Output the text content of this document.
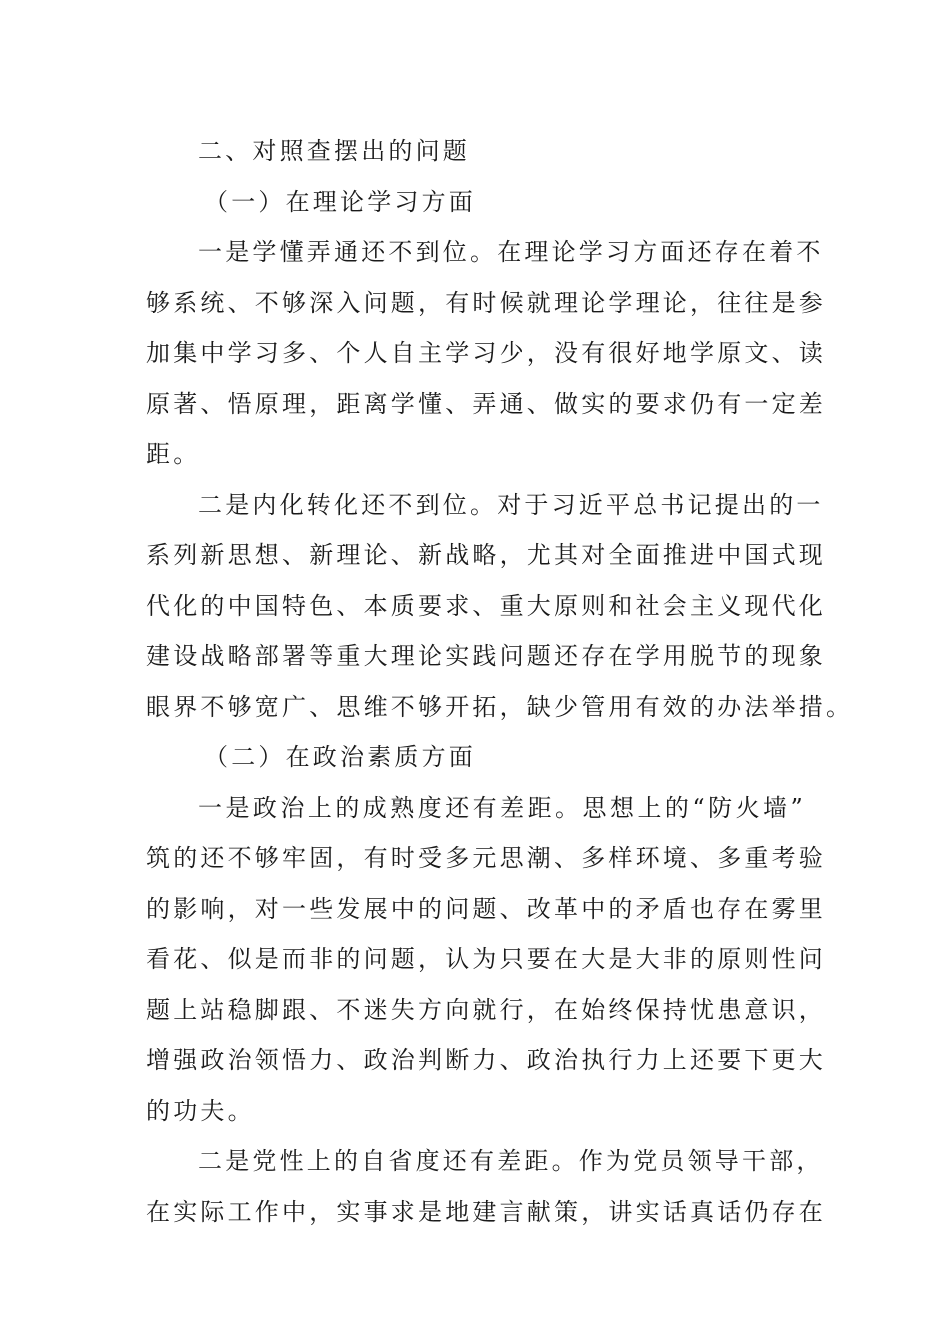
二、对照查摆出的问题
（一）在理论学习方面
一是学懂弄通还不到位。在理论学习方面还存在着不
够系统、不够深入问题，有时候就理论学理论，往往是参
加集中学习多、个人自主学习少，没有很好地学原文、读
原著、悟原理，距离学懂、弄通、做实的要求仍有一定差
距。
二是内化转化还不到位。对于习近平总书记提出的一
系列新思想、新理论、新战略，尤其对全面推进中国式现
代化的中国特色、本质要求、重大原则和社会主义现代化
建设战略部署等重大理论实践问题还存在学用脱节的现象
眼界不够宽广、思维不够开拓，缺少管用有效的办法举措。
（二）在政治素质方面
一是政治上的成熟度还有差距。思想上的“防火墙”
筑的还不够牢固，有时受多元思潮、多样环境、多重考验
的影响，对一些发展中的问题、改革中的矛盾也存在雾里
看花、似是而非的问题，认为只要在大是大非的原则性问
题上站稳脚跟、不迷失方向就行，在始终保持忧患意识，
增强政治领悟力、政治判断力、政治执行力上还要下更大
的功夫。
二是党性上的自省度还有差距。作为党员领导干部，
在实际工作中，实事求是地建言献策，讲实话真话仍存在
